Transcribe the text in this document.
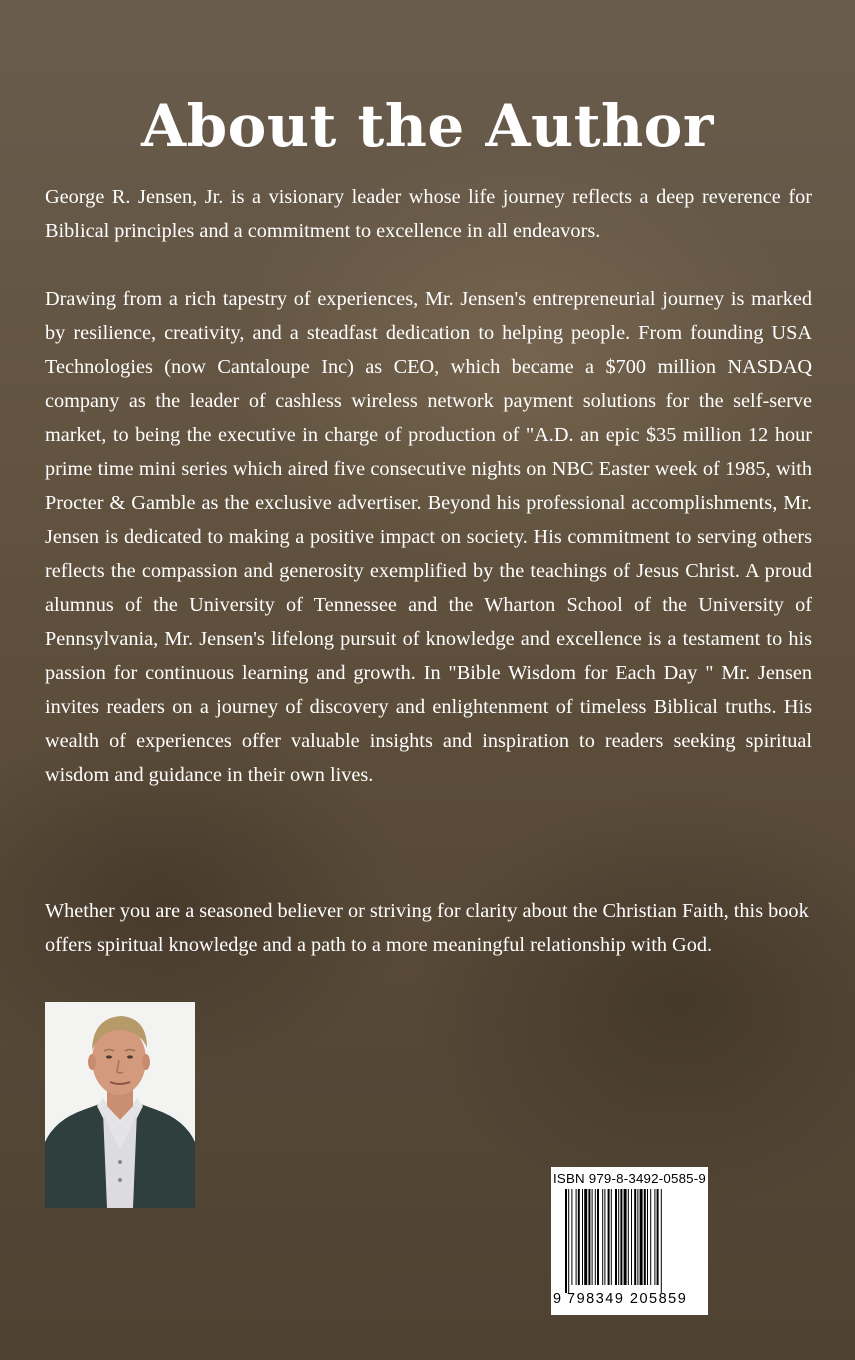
About the Author

George R. Jensen, Jr. is a visionary leader whose life journey reflects a deep reverence for Biblical principles and a commitment to excellence in all endeavors.

Drawing from a rich tapestry of experiences, Mr. Jensen's entrepreneurial journey is marked by resilience, creativity, and a steadfast dedication to helping people. From founding USA Technologies (now Cantaloupe Inc) as CEO, which became a $700 million NASDAQ company as the leader of cashless wireless network payment solutions for the self-serve market, to being the executive in charge of production of "A.D. an epic $35 million 12 hour prime time mini series which aired five consecutive nights on NBC Easter week of 1985, with Procter & Gamble as the exclusive advertiser. Beyond his professional accomplishments, Mr. Jensen is dedicated to making a positive impact on society. His commitment to serving others reflects the compassion and generosity exemplified by the teachings of Jesus Christ. A proud alumnus of the University of Tennessee and the Wharton School of the University of Pennsylvania, Mr. Jensen's lifelong pursuit of knowledge and excellence is a testament to his passion for continuous learning and growth. In "Bible Wisdom for Each Day " Mr. Jensen invites readers on a journey of discovery and enlightenment of timeless Biblical truths. His wealth of experiences offer valuable insights and inspiration to readers seeking spiritual wisdom and guidance in their own lives.

Whether you are a seasoned believer or striving for clarity about the Christian Faith, this book offers spiritual knowledge and a path to a more meaningful relationship with God.

ISBN 979-8-3492-0585-9
9 798349 205859
